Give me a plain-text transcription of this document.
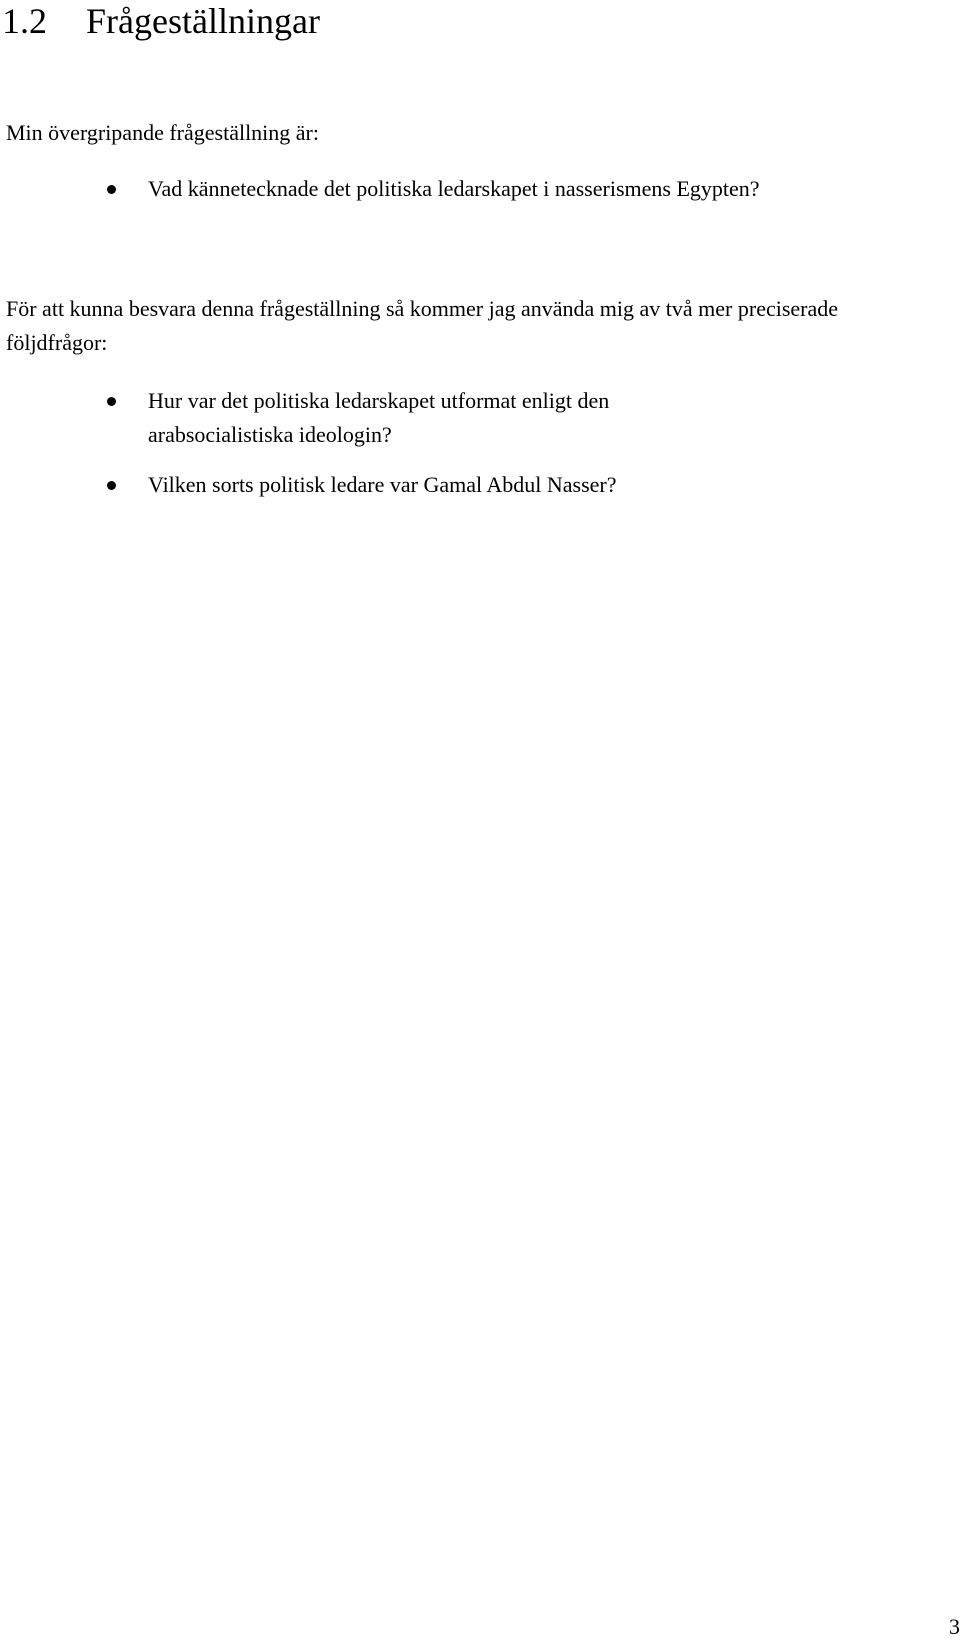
1.2 Frågeställningar
Min övergripande frågeställning är:
Vad kännetecknade det politiska ledarskapet i nasserismens Egypten?
För att kunna besvara denna frågeställning så kommer jag använda mig av två mer preciserade följdfrågor:
Hur var det politiska ledarskapet utformat enligt den arabsocialistiska ideologin?
Vilken sorts politisk ledare var Gamal Abdul Nasser?
3
